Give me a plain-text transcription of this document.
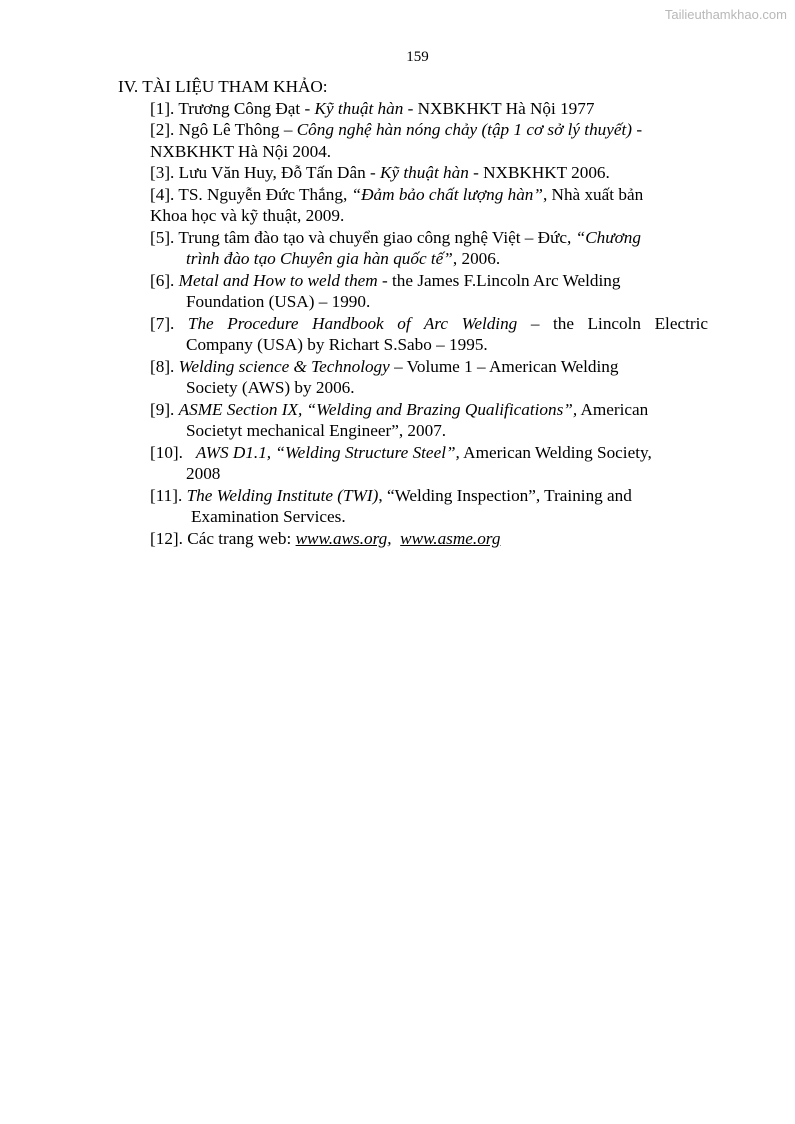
Tailieuthamkhao.com
159
IV. TÀI LIỆU THAM KHẢO:
[1]. Trương Công Đạt - Kỹ thuật hàn - NXBKHKT Hà Nội 1977
[2]. Ngô Lê Thông – Công nghệ hàn nóng chảy (tập 1 cơ sở lý thuyết) -
NXBKHKT Hà Nội 2004.
[3]. Lưu Văn Huy, Đỗ Tấn Dân - Kỹ thuật hàn - NXBKHKT 2006.
[4]. TS. Nguyễn Đức Thắng, “Đảm bảo chất lượng hàn”, Nhà xuất bản
Khoa học và kỹ thuật, 2009.
[5]. Trung tâm đào tạo và chuyển giao công nghệ Việt – Đức, “Chương
trình đào tạo Chuyên gia hàn quốc tế”, 2006.
[6]. Metal and How to weld them - the James F.Lincoln Arc Welding
Foundation (USA) – 1990.
[7]. The Procedure Handbook of Arc Welding – the Lincoln Electric
Company (USA) by Richart S.Sabo – 1995.
[8]. Welding science & Technology – Volume 1 – American Welding
Society (AWS) by 2006.
[9]. ASME Section IX, “Welding and Brazing Qualifications”, American
Societyt mechanical Engineer”, 2007.
[10].   AWS D1.1, “Welding Structure Steel”, American Welding Society,
2008
[11]. The Welding Institute (TWI), “Welding Inspection”, Training and
Examination Services.
[12]. Các trang web: www.aws.org,  www.asme.org
